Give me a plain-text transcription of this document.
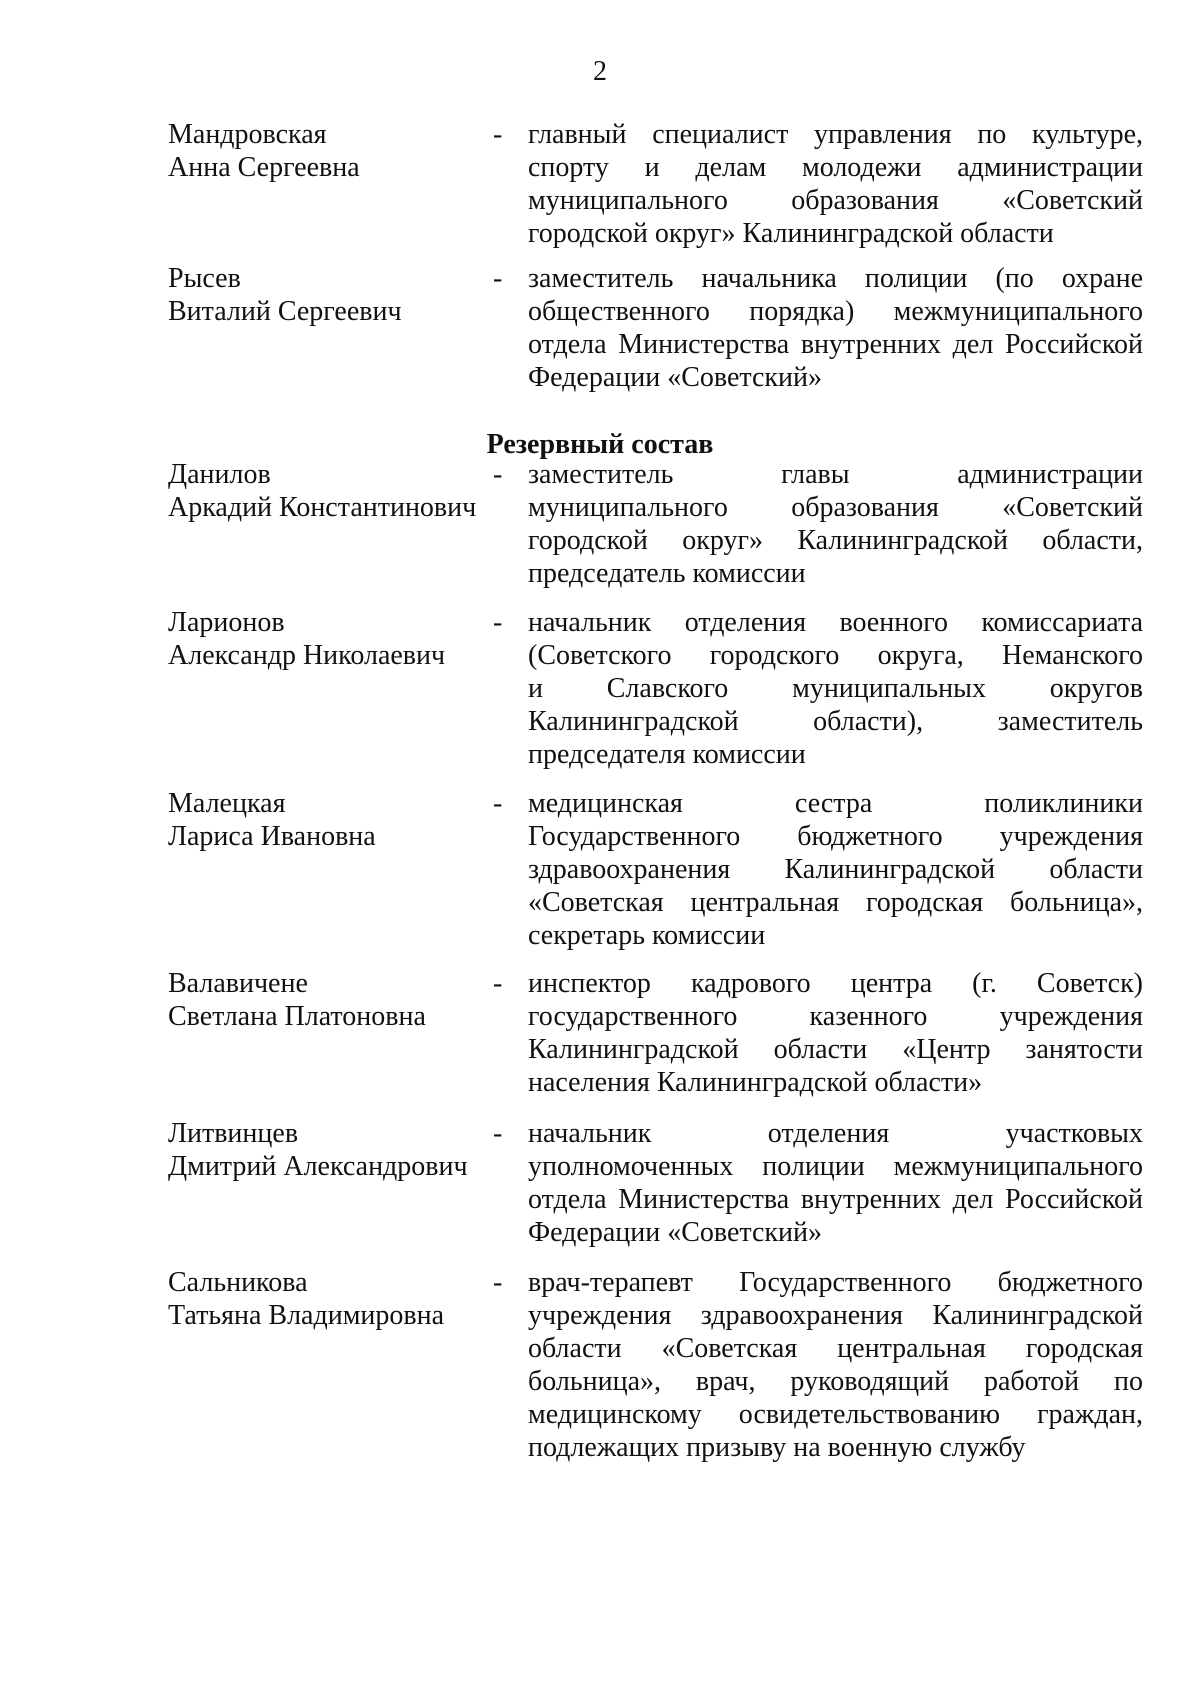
2
Мандровская
Анна Сергеевна
- главный специалист управления по культуре,
спорту и делам молодежи администрации
муниципального образования «Советский
городской округ» Калининградской области
Рысев
Виталий Сергеевич
- заместитель начальника полиции (по охране
общественного порядка) межмуниципального
отдела Министерства внутренних дел Российской
Федерации «Советский»
Данилов
Аркадий Константинович
- заместитель главы администрации
муниципального образования «Советский
городской округ» Калининградской области,
председатель комиссии
Ларионов
Александр Николаевич
- начальник отделения военного комиссариата
(Советского городского округа, Неманского
и Славского муниципальных округов
Калининградской области), заместитель
председателя комиссии
Малецкая
Лариса Ивановна
- медицинская сестра поликлиники
Государственного бюджетного учреждения
здравоохранения Калининградской области
«Советская центральная городская больница»,
секретарь комиссии
Валавичене
Светлана Платоновна
- инспектор кадрового центра (г. Советск)
государственного казенного учреждения
Калининградской области «Центр занятости
населения Калининградской области»
Литвинцев
Дмитрий Александрович
- начальник отделения участковых
уполномоченных полиции межмуниципального
отдела Министерства внутренних дел Российской
Федерации «Советский»
Сальникова
Татьяна Владимировна
- врач-терапевт Государственного бюджетного
учреждения здравоохранения Калининградской
области «Советская центральная городская
больница», врач, руководящий работой по
медицинскому освидетельствованию граждан,
подлежащих призыву на военную службу
Резервный состав
